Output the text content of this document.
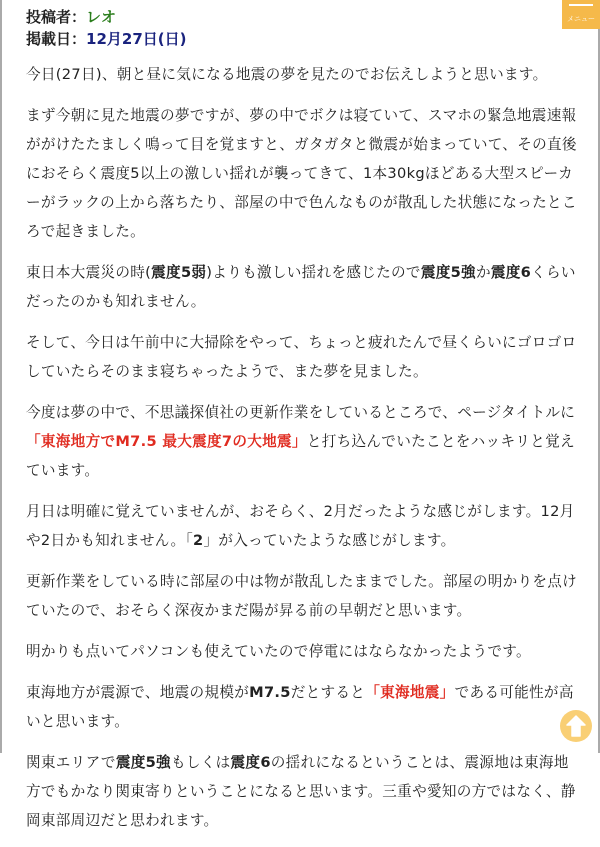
投稿者：レオ
掲載日：12月27日(日)
メニュー

今日(27日)、朝と昼に気になる地震の夢を見たのでお伝えしようと思います。

まず今朝に見た地震の夢ですが、夢の中でボクは寝ていて、スマホの緊急地震速報ががけたたましく鳴って目を覚ますと、ガタガタと微震が始まっていて、その直後におそらく震度5以上の激しい揺れが襲ってきて、1本30kgほどある大型スピーカーがラックの上から落ちたり、部屋の中で色んなものが散乱した状態になったところで起きました。

東日本大震災の時(震度5弱)よりも激しい揺れを感じたので震度5強か震度6くらいだったのかも知れません。

そして、今日は午前中に大掃除をやって、ちょっと疲れたんで昼くらいにゴロゴロしていたらそのまま寝ちゃったようで、また夢を見ました。

今度は夢の中で、不思議探偵社の更新作業をしているところで、ページタイトルに 「東海地方でM7.5 最大震度7の大地震」と打ち込んでいたことをハッキリと覚えています。

月日は明確に覚えていませんが、おそらく、2月だったような感じがします。12月や2日かも知れません。「2」が入っていたような感じがします。

更新作業をしている時に部屋の中は物が散乱したままでした。部屋の明かりを点けていたので、おそらく深夜かまだ陽が昇る前の早朝だと思います。

明かりも点いてパソコンも使えていたので停電にはならなかったようです。

東海地方が震源で、地震の規模がM7.5だとすると「東海地震」である可能性が高いと思います。

関東エリアで震度5強もしくは震度6の揺れになるということは、震源地は東海地方でもかなり関東寄りということになると思います。三重や愛知の方ではなく、静岡東部周辺だと思われます。
